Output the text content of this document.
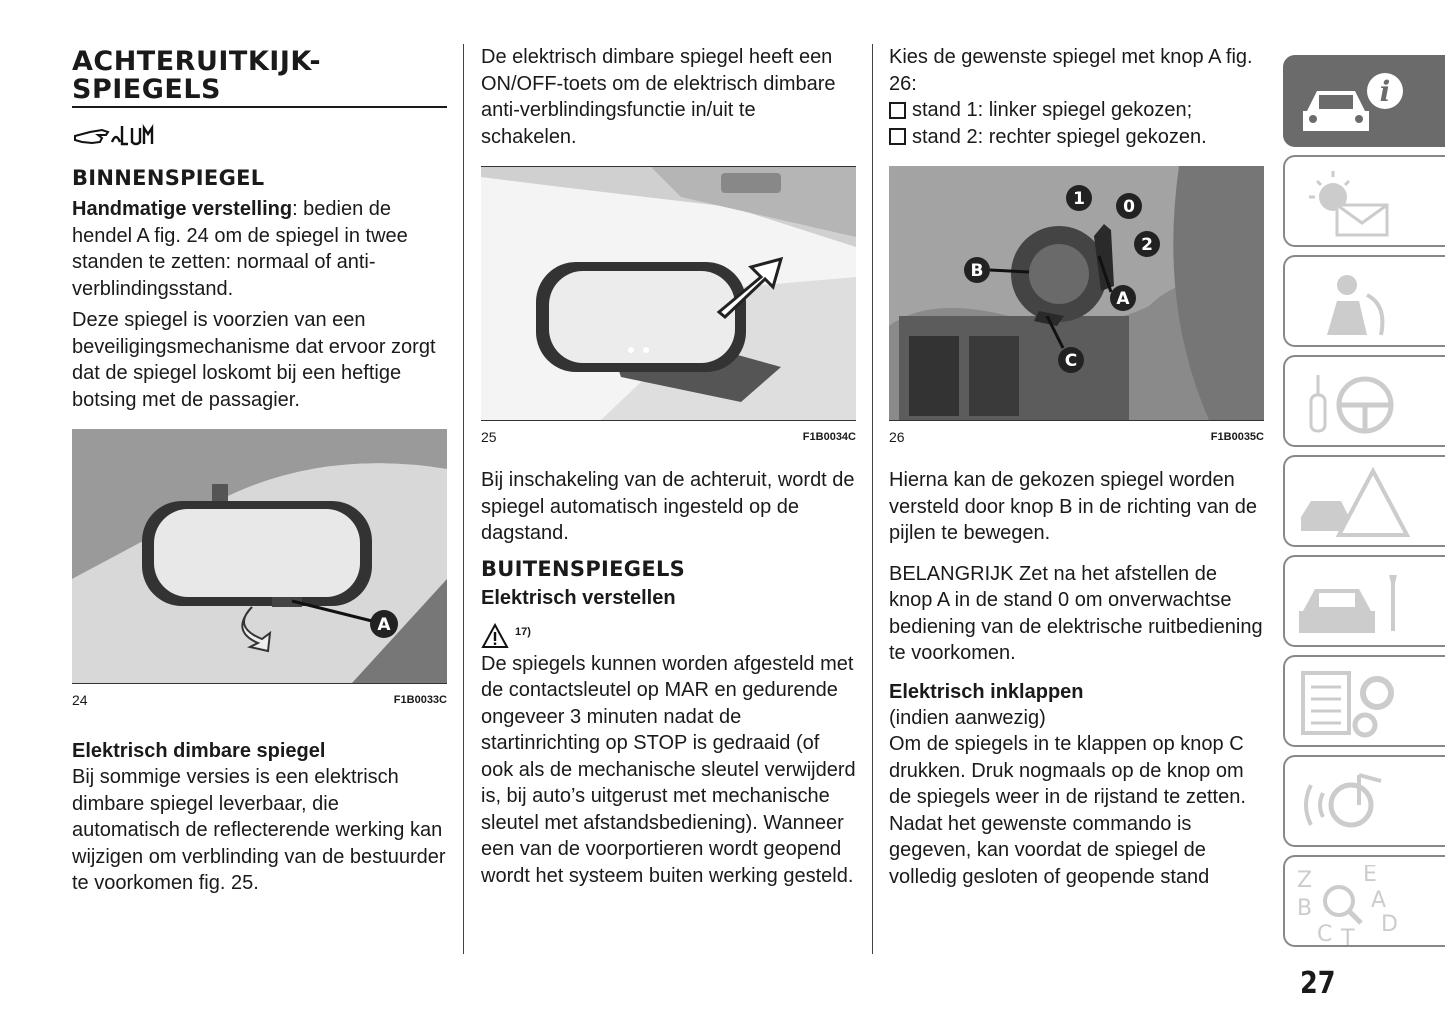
ACHTERUITKIJK-
SPIEGELS
BINNENSPIEGEL

Handmatige verstelling: bedien de hendel A fig. 24 om de spiegel in twee standen te zetten: normaal of anti-verblindingsstand.

Deze spiegel is voorzien van een beveiligingsmechanisme dat ervoor zorgt dat de spiegel loskomt bij een heftige botsing met de passagier.

A
24	F1B0033C

Elektrisch dimbare spiegel

Bij sommige versies is een elektrisch dimbare spiegel leverbaar, die automatisch de reflecterende werking kan wijzigen om verblinding van de bestuurder te voorkomen fig. 25.

De elektrisch dimbare spiegel heeft een ON/OFF-toets om de elektrisch dimbare anti-verblindingsfunctie in/uit te schakelen.

25	F1B0034C

Bij inschakeling van de achteruit, wordt de spiegel automatisch ingesteld op de dagstand.

BUITENSPIEGELS

Elektrisch verstellen

17)

De spiegels kunnen worden afgesteld met de contactsleutel op MAR en gedurende ongeveer 3 minuten nadat de startinrichting op STOP is gedraaid (of ook als de mechanische sleutel verwijderd is, bij auto’s uitgerust met mechanische sleutel met afstandsbediening). Wanneer een van de voorportieren wordt geopend wordt het systeem buiten werking gesteld.

Kies de gewenste spiegel met knop A fig. 26:

stand 1: linker spiegel gekozen;

stand 2: rechter spiegel gekozen.

1 0
2
B
A
C
26	F1B0035C

Hierna kan de gekozen spiegel worden versteld door knop B in de richting van de pijlen te bewegen.

BELANGRIJK Zet na het afstellen de knop A in de stand 0 om onverwachtse bediening van de elektrische ruitbediening te voorkomen.

Elektrisch inklappen

(indien aanwezig)

Om de spiegels in te klappen op knop C drukken. Druk nogmaals op de knop om de spiegels weer in de rijstand te zetten. Nadat het gewenste commando is gegeven, kan voordat de spiegel de volledig gesloten of geopende stand

i
Z E
B	A
C T
D
27
